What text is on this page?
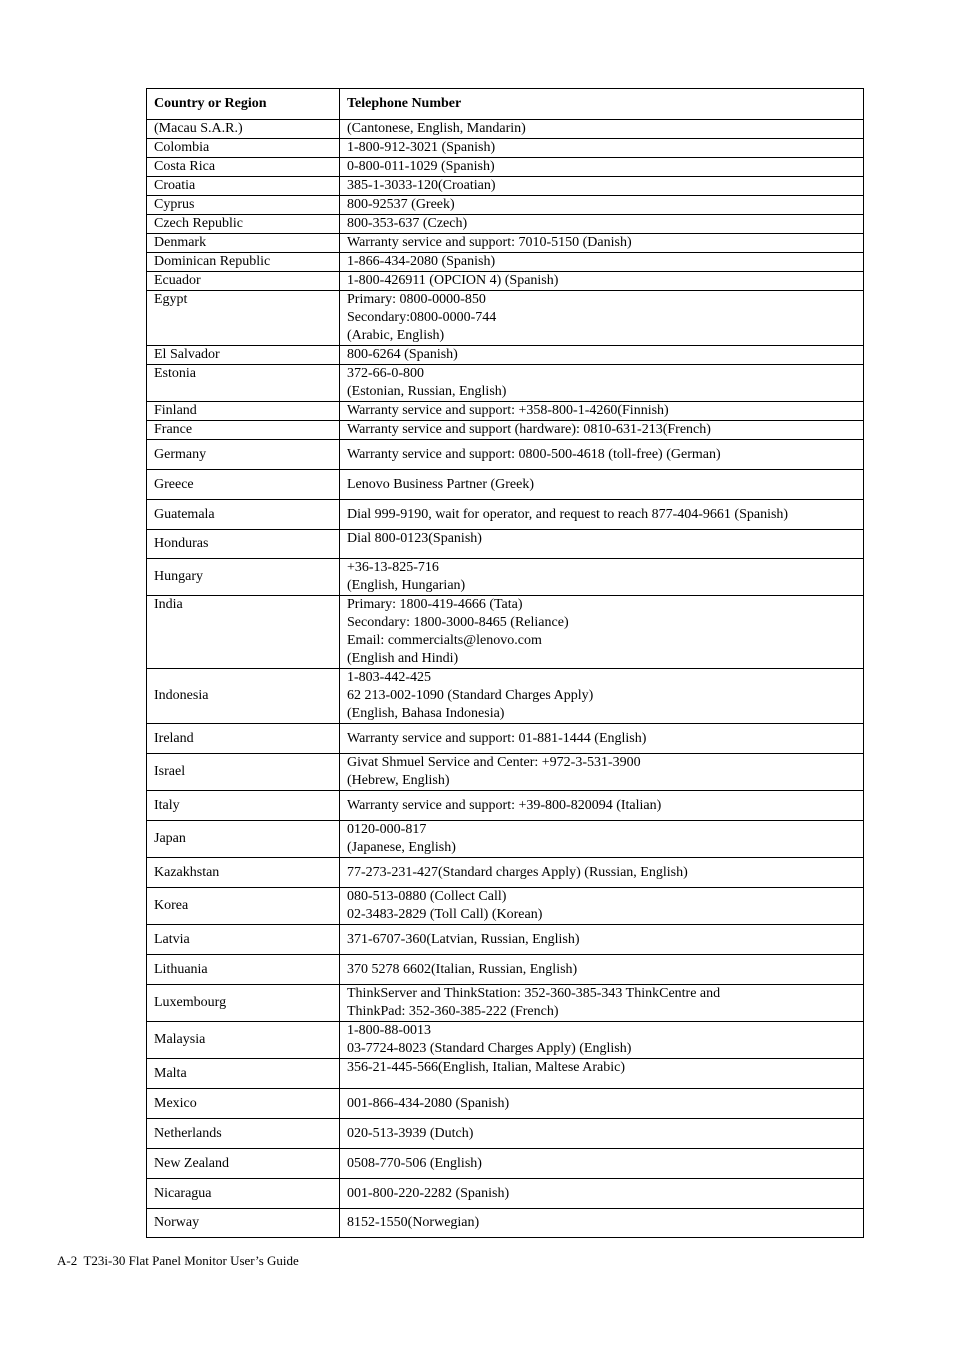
Country or Region	Telephone Number
(Macau S.A.R.)	(Cantonese, English, Mandarin)

Colombia	1-800-912-3021 (Spanish)

Costa Rica	0-800-011-1029 (Spanish)

Croatia	385-1-3033-120(Croatian)

Cyprus	800-92537 (Greek)

Czech Republic	800-353-637 (Czech)

Denmark	Warranty service and support: 7010-5150 (Danish)

Dominican Republic	1-866-434-2080 (Spanish)

Ecuador	1-800-426911 (OPCION 4) (Spanish)

Egypt	Primary: 0800-0000-850
Secondary:0800-0000-744
(Arabic, English)

El Salvador	800-6264 (Spanish)

Estonia	372-66-0-800
(Estonian, Russian, English)

Finland	Warranty service and support: +358-800-1-4260(Finnish)

France	Warranty service and support (hardware): 0810-631-213(French)

Germany	Warranty service and support: 0800-500-4618 (toll-free) (German)

Greece	Lenovo Business Partner (Greek)

Guatemala	Dial 999-9190, wait for operator, and request to reach 877-404-9661 (Spanish)

Honduras	Dial 800-0123(Spanish)

Hungary	+36-13-825-716
(English, Hungarian)

India	Primary: 1800-419-4666 (Tata)
Secondary: 1800-3000-8465 (Reliance)
Email: commercialts@lenovo.com
(English and Hindi)

Indonesia	1-803-442-425
62 213-002-1090 (Standard Charges Apply)
(English, Bahasa Indonesia)

Ireland	Warranty service and support: 01-881-1444 (English)

Israel	Givat Shmuel Service and Center: +972-3-531-3900
(Hebrew, English)

Italy	Warranty service and support: +39-800-820094 (Italian)

Japan	0120-000-817
(Japanese, English)

Kazakhstan	77-273-231-427(Standard charges Apply) (Russian, English)

Korea	080-513-0880 (Collect Call)
02-3483-2829 (Toll Call) (Korean)

Latvia	371-6707-360(Latvian, Russian, English)

Lithuania	370 5278 6602(Italian, Russian, English)

Luxembourg	ThinkServer and ThinkStation: 352-360-385-343 ThinkCentre and
ThinkPad: 352-360-385-222 (French)

Malaysia	1-800-88-0013
03-7724-8023 (Standard Charges Apply) (English)

Malta	356-21-445-566(English, Italian, Maltese Arabic)

Mexico	001-866-434-2080 (Spanish)

Netherlands	020-513-3939 (Dutch)

New Zealand	0508-770-506 (English)

Nicaragua	001-800-220-2282 (Spanish)

Norway	8152-1550(Norwegian)
A-2  T23i-30 Flat Panel Monitor User’s Guide
